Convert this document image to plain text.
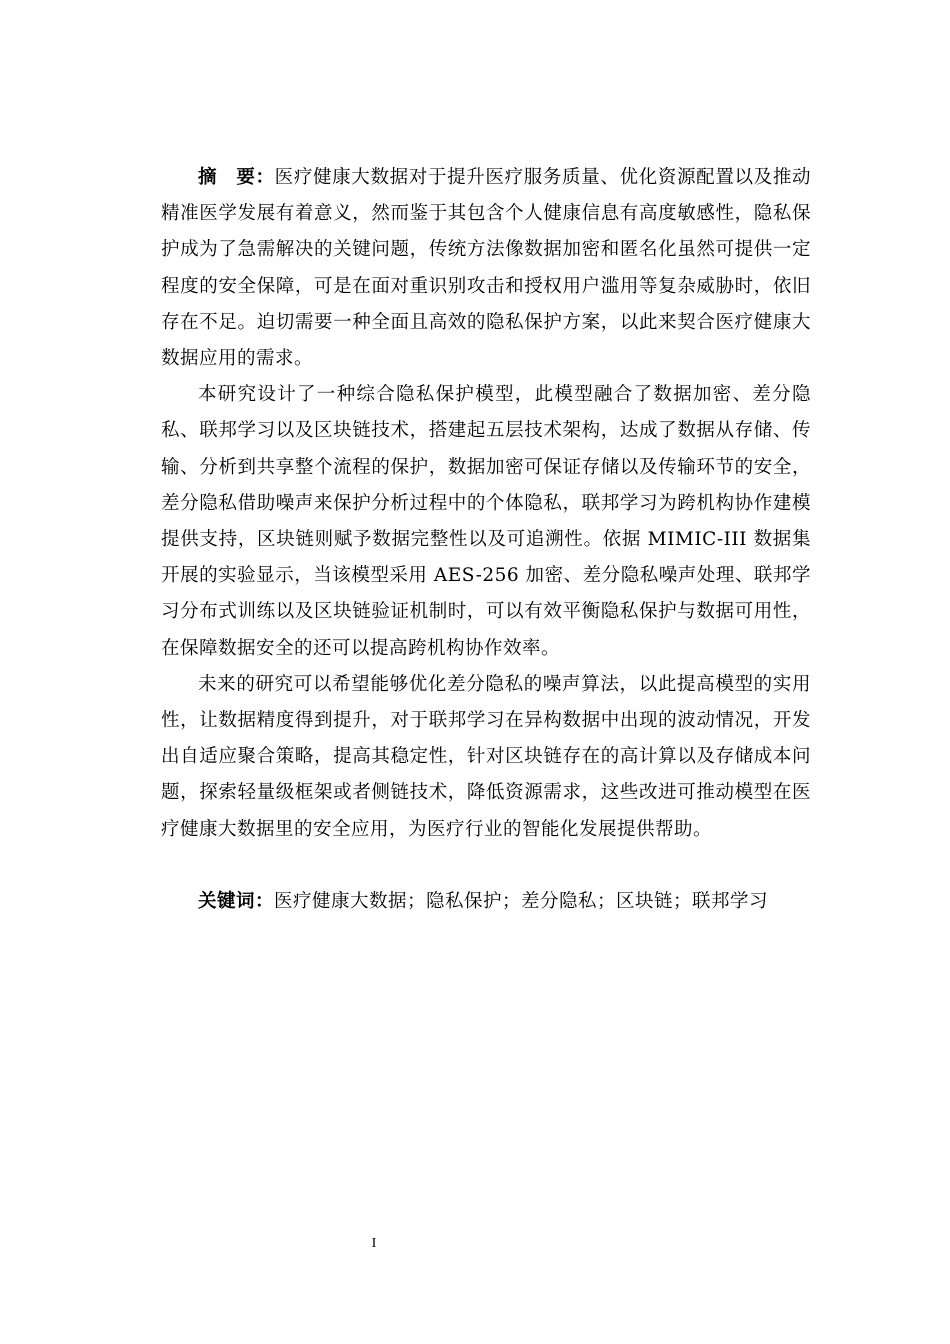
摘　要：医疗健康大数据对于提升医疗服务质量、优化资源配置以及推动精准医学发展有着意义，然而鉴于其包含个人健康信息有高度敏感性，隐私保护成为了急需解决的关键问题，传统方法像数据加密和匿名化虽然可提供一定程度的安全保障，可是在面对重识别攻击和授权用户滥用等复杂威胁时，依旧存在不足。迫切需要一种全面且高效的隐私保护方案，以此来契合医疗健康大数据应用的需求。

本研究设计了一种综合隐私保护模型，此模型融合了数据加密、差分隐私、联邦学习以及区块链技术，搭建起五层技术架构，达成了数据从存储、传输、分析到共享整个流程的保护，数据加密可保证存储以及传输环节的安全，差分隐私借助噪声来保护分析过程中的个体隐私，联邦学习为跨机构协作建模提供支持，区块链则赋予数据完整性以及可追溯性。依据 MIMIC-III 数据集开展的实验显示，当该模型采用 AES-256 加密、差分隐私噪声处理、联邦学习分布式训练以及区块链验证机制时，可以有效平衡隐私保护与数据可用性，在保障数据安全的还可以提高跨机构协作效率。

未来的研究可以希望能够优化差分隐私的噪声算法，以此提高模型的实用性，让数据精度得到提升，对于联邦学习在异构数据中出现的波动情况，开发出自适应聚合策略，提高其稳定性，针对区块链存在的高计算以及存储成本问题，探索轻量级框架或者侧链技术，降低资源需求，这些改进可推动模型在医疗健康大数据里的安全应用，为医疗行业的智能化发展提供帮助。

关键词：医疗健康大数据；隐私保护；差分隐私；区块链；联邦学习

I
